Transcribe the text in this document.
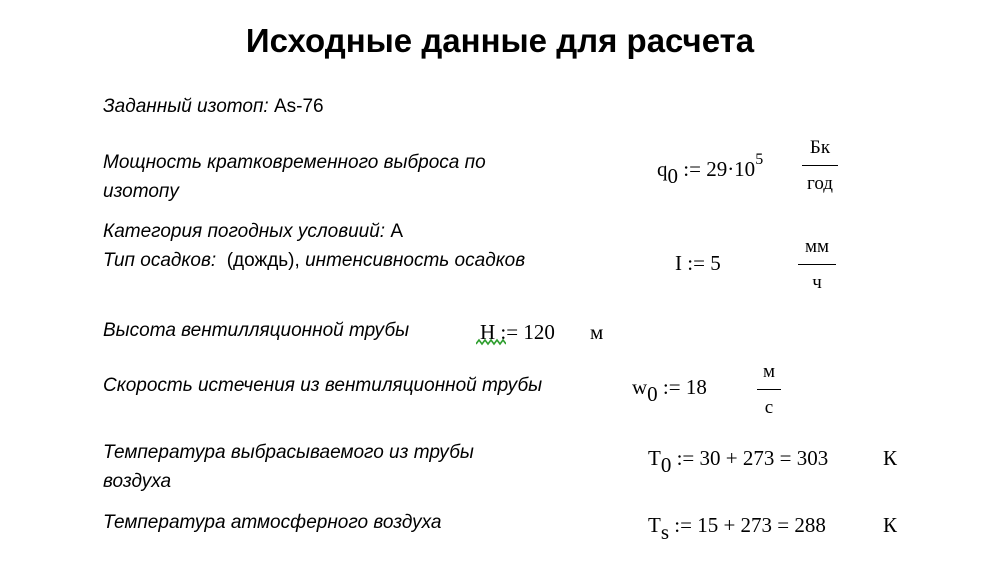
Исходные данные для расчета
Заданный изотоп: As-76
Мощность кратковременного выброса по
изотопу
$q_0$ := $29\cdot 10^5$
Бк
год
Категория погодных условиий: А
Тип осадков: (дождь), интенсивность осадков	I := 5
мм
ч
Высота вентилляционной трубы	H := 120 м
Скорость истечения из вентиляционной трубы	$w_0$ := 18
м
с
Температура выбрасываемого из трубы
воздуха
$T_0$ := 30 + 273 = 303	К
Температура атмосферного воздуха	$T_s$ := 15 + 273 = 288	К
